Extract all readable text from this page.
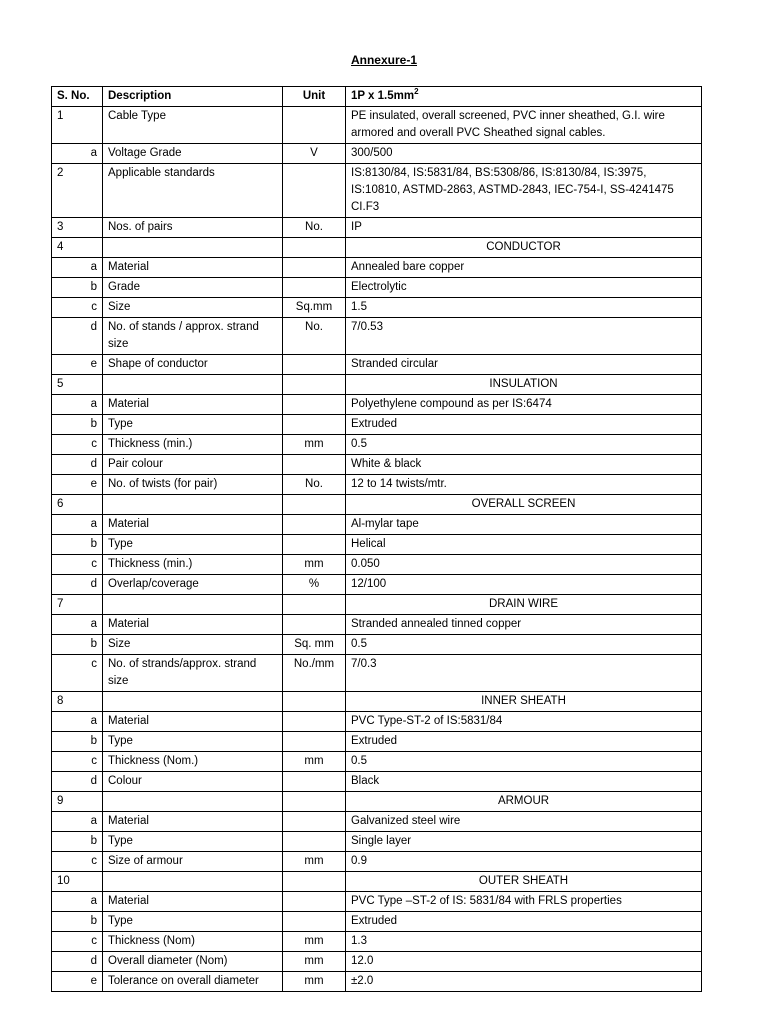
Annexure-1
S. No.	Description	Unit	1P x $1.5mm^2$
1	Cable Type		PE insulated, overall screened, PVC inner sheathed, G.I. wire armored and overall PVC Sheathed signal cables.
a	Voltage Grade	V	300/500
2	Applicable standards		IS:8130/84, IS:5831/84, BS:5308/86, IS:8130/84, IS:3975, IS:10810, ASTMD-2863, ASTMD-2843, IEC-754-I, SS-4241475 CI.F3
3	Nos. of pairs	No.	IP
4			CONDUCTOR
a	Material		Annealed bare copper
b	Grade		Electrolytic
c	Size	Sq.mm	1.5
d	No. of stands / approx. strand size	No.	7/0.53
e	Shape of conductor		Stranded circular
5			INSULATION
a	Material		Polyethylene compound as per IS:6474
b	Type		Extruded
c	Thickness (min.)	mm	0.5
d	Pair colour		White & black
e	No. of twists (for pair)	No.	12 to 14 twists/mtr.
6			OVERALL SCREEN
a	Material		Al-mylar tape
b	Type		Helical
c	Thickness (min.)	mm	0.050
d	Overlap/coverage	%	12/100
7			DRAIN WIRE
a	Material		Stranded annealed tinned copper
b	Size	Sq. mm	0.5
c	No. of strands/approx. strand size	No./mm	7/0.3
8			INNER SHEATH
a	Material		PVC Type-ST-2 of IS:5831/84
b	Type		Extruded
c	Thickness (Nom.)	mm	0.5
d	Colour		Black
9			ARMOUR
a	Material		Galvanized steel wire
b	Type		Single layer
c	Size of armour	mm	0.9
10			OUTER SHEATH
a	Material		PVC Type –ST-2 of IS: 5831/84 with FRLS properties
b	Type		Extruded
c	Thickness (Nom)	mm	1.3
d	Overall diameter (Nom)	mm	12.0
e	Tolerance on overall diameter	mm	±2.0
